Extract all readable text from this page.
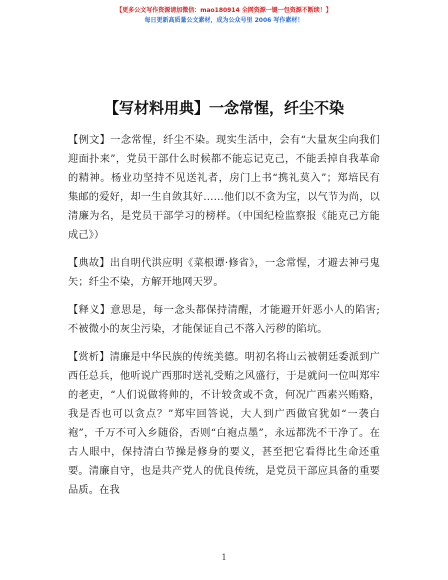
【更多公文写作资源请加微信：mao180914 全网资源一键一包资源不断续！】
每日更新高质量公文素材，成为公众号里 2006 写作素材！
【写材料用典】一念常惺，纤尘不染

【例文】一念常惺，纤尘不染。现实生活中，会有“大量灰尘向我们迎面扑来”，党员干部什么时候都不能忘记克己，不能丢掉自我革命的精神。杨业功坚持不见送礼者，房门上书“携礼莫入”；郑培民有集邮的爱好，却一生自敛其好……他们以不贪为宝，以气节为尚，以清廉为名，是党员干部学习的榜样。（中国纪检监察报《能克己方能成己》）

【典故】出自明代洪应明《菜根谭·修省》，一念常惺，才避去神弓鬼矢；纤尘不染，方解开地网天罗。

【释义】意思是，每一念头都保持清醒，才能避开奸恶小人的陷害;不被微小的灰尘污染，才能保证自己不落入污秽的陷坑。

【赏析】清廉是中华民族的传统美德。明初名将山云被朝廷委派到广西任总兵，他听说广西那时送礼受贿之风盛行，于是就问一位叫郑牢的老吏，“人们说做将帅的，不计较贪或不贪，何况广西素兴贿赂，我是否也可以贪点？”郑牢回答说，大人到广西做官犹如“一袭白袍”，千万不可入乡随俗，否则“白袍点墨”，永远都洗不干净了。在古人眼中，保持清白节操是修身的要义，甚至把它看得比生命还重要。清廉自守，也是共产党人的优良传统，是党员干部应具备的重要品质。在我

1
